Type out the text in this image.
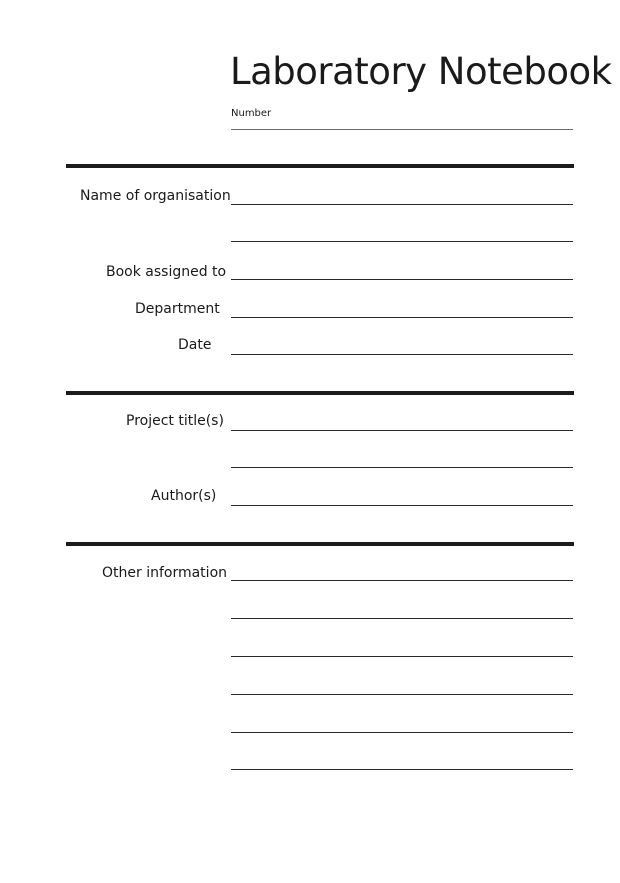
Laboratory Notebook
Number
Name of organisation
Book assigned to
Department
Date
Project title(s)
Author(s)
Other information
